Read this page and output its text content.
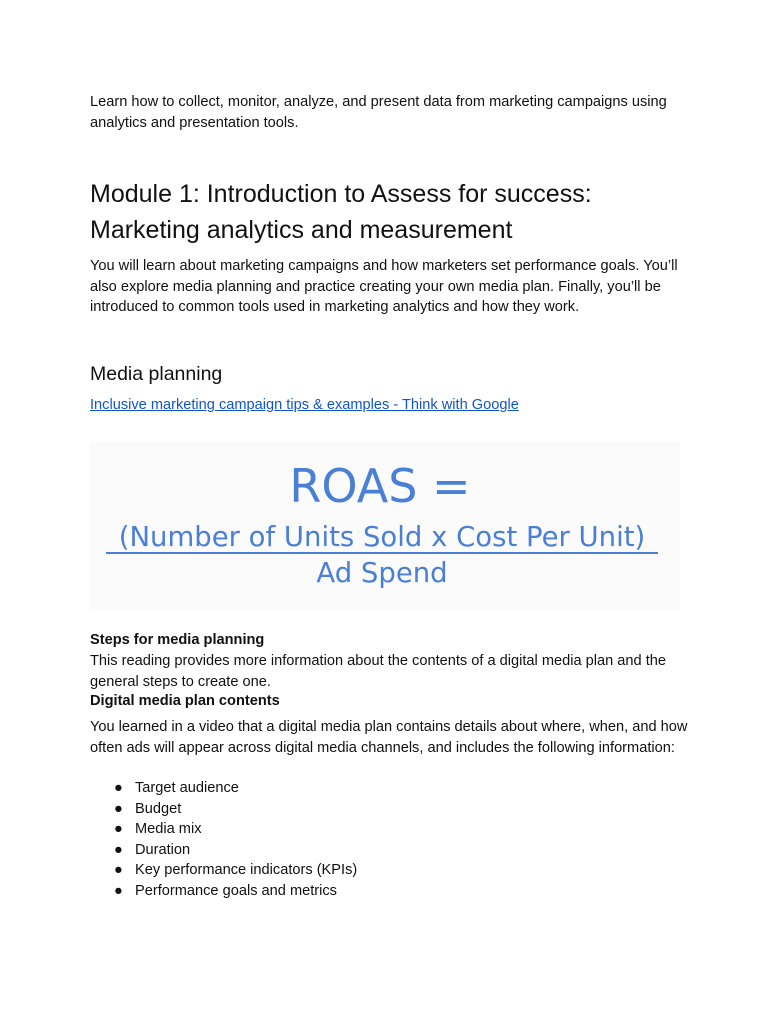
Learn how to collect, monitor, analyze, and present data from marketing campaigns using analytics and presentation tools.
Module 1: Introduction to Assess for success: Marketing analytics and measurement
You will learn about marketing campaigns and how marketers set performance goals. You’ll also explore media planning and practice creating your own media plan. Finally, you’ll be introduced to common tools used in marketing analytics and how they work.
Media planning
Inclusive marketing campaign tips & examples - Think with Google
ROAS =
(Number of Units Sold x Cost Per Unit)
Ad Spend
Steps for media planning
This reading provides more information about the contents of a digital media plan and the general steps to create one.
Digital media plan contents
You learned in a video that a digital media plan contains details about where, when, and how often ads will appear across digital media channels, and includes the following information:
● Target audience
● Budget
● Media mix
● Duration
● Key performance indicators (KPIs)
● Performance goals and metrics
